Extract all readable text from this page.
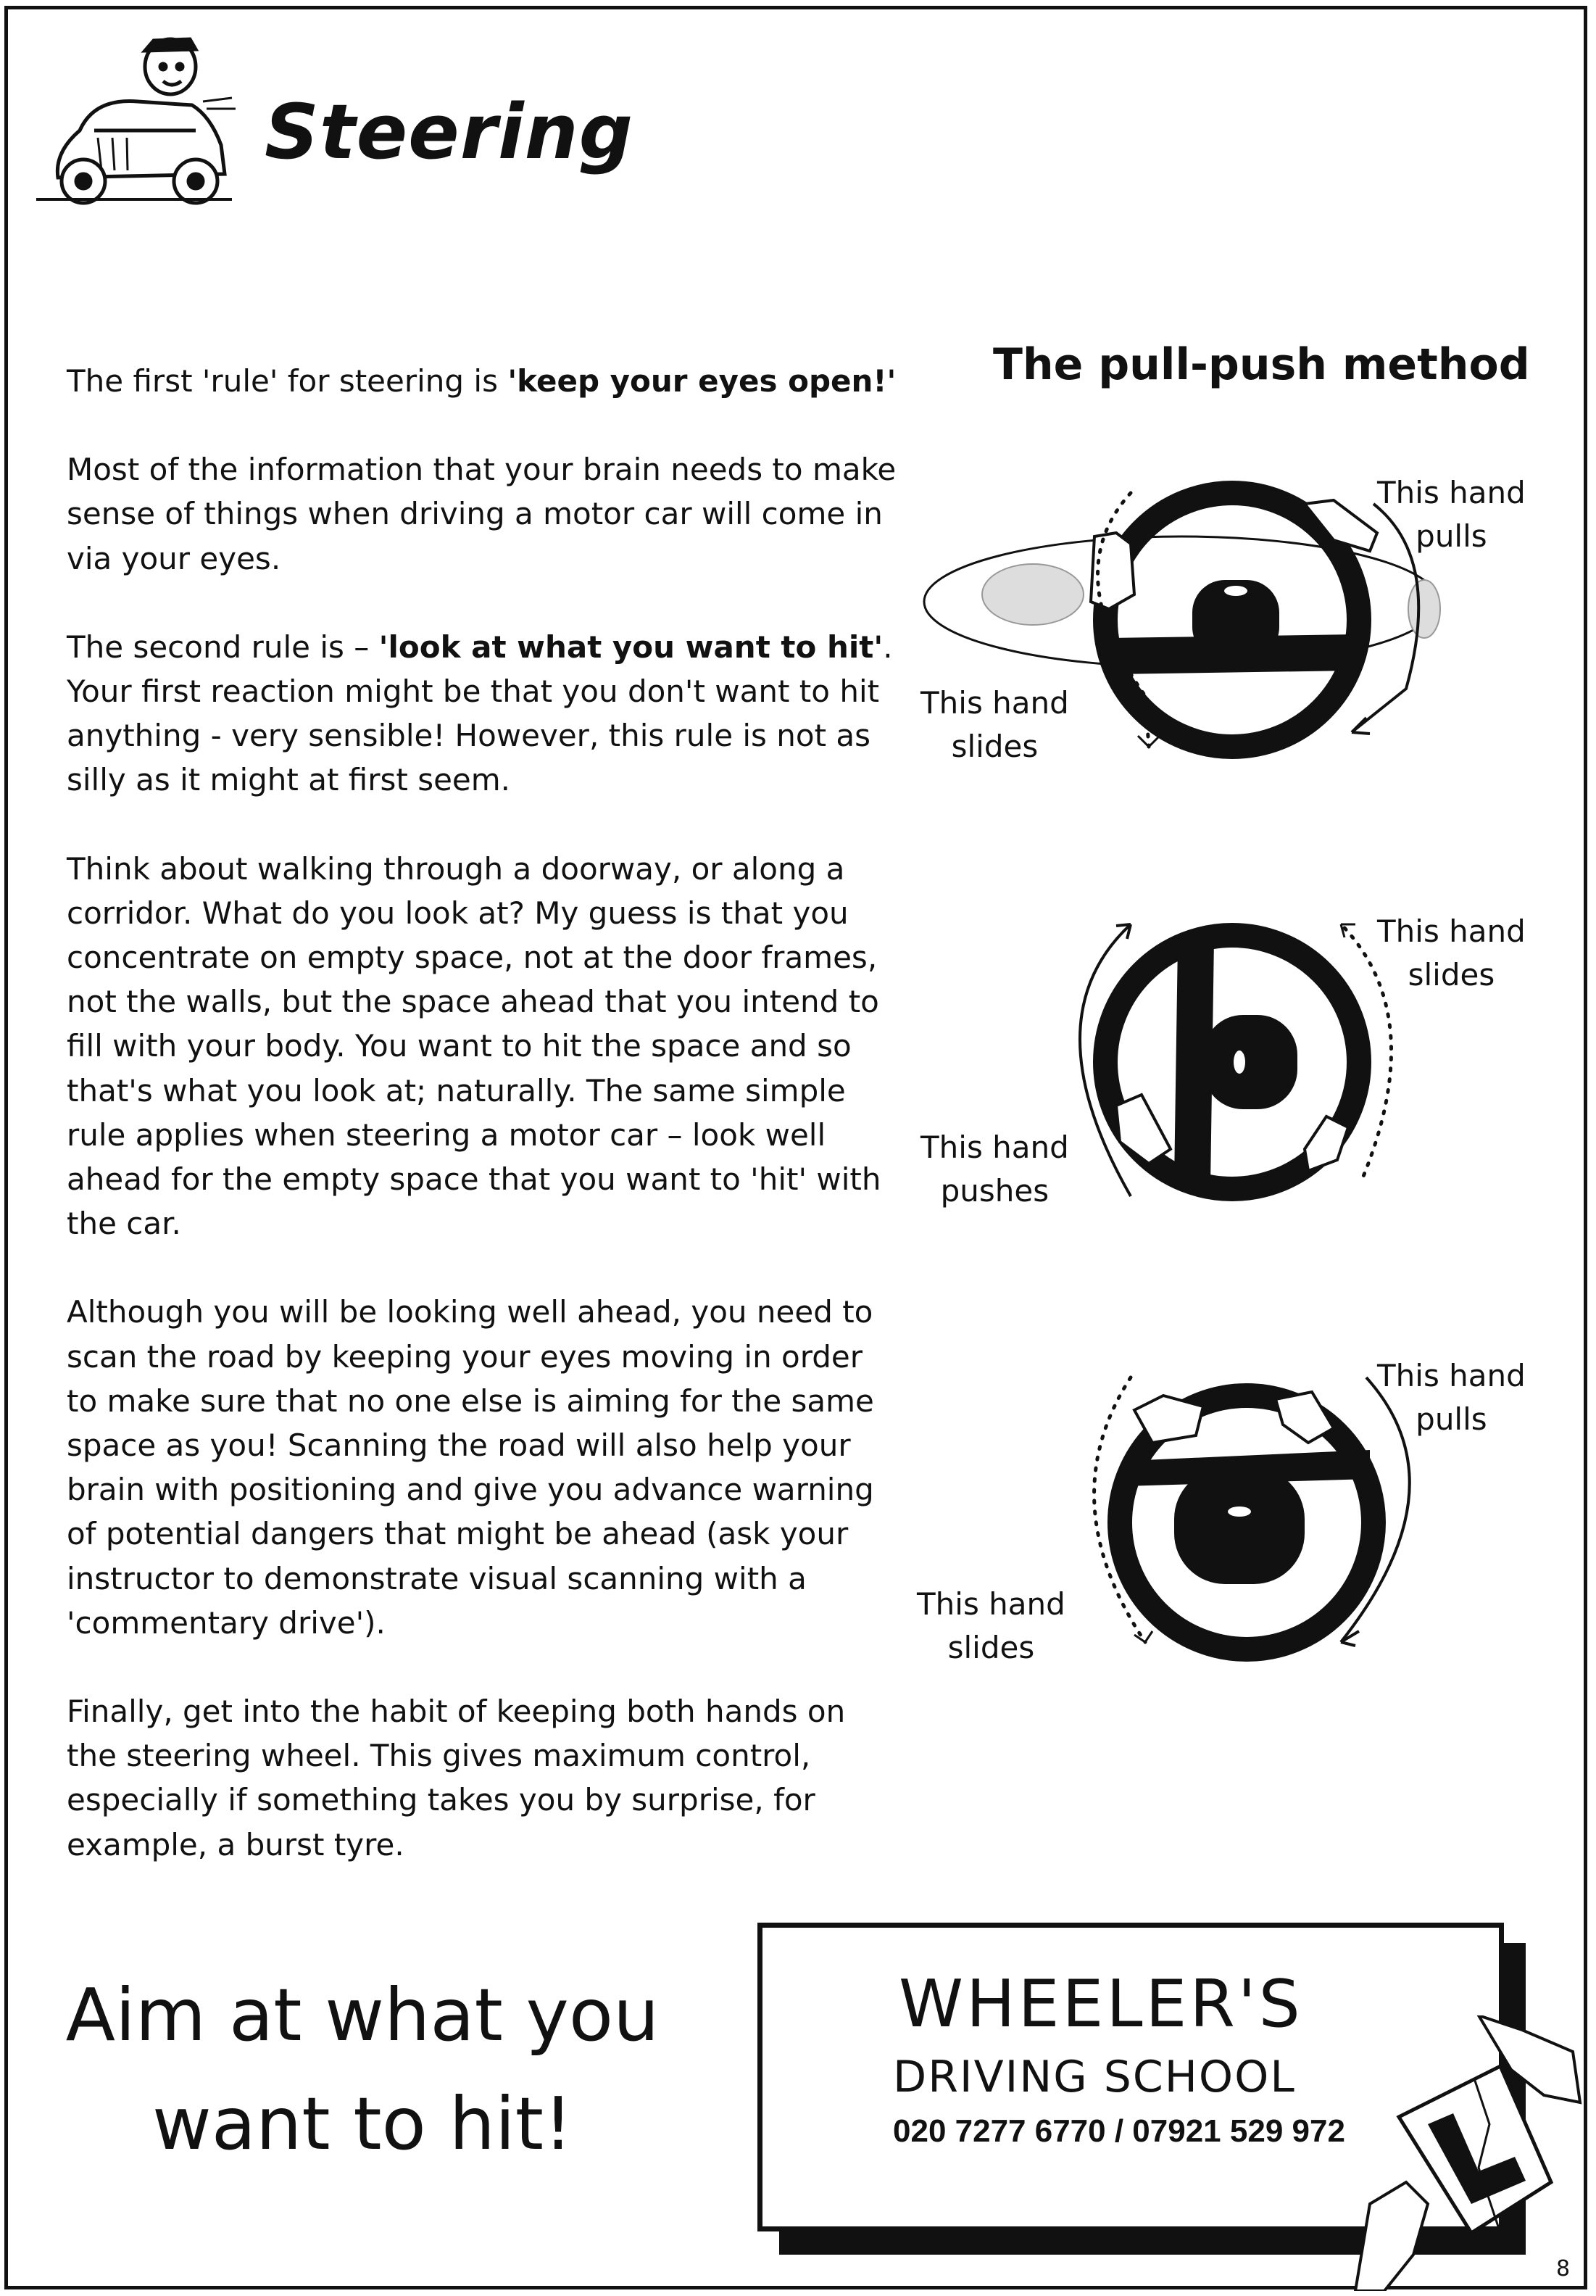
Steering

The first 'rule' for steering is 'keep your eyes open!'

Most of the information that your brain needs to make sense of things when driving a motor car will come in via your eyes.

The second rule is – 'look at what you want to hit'. Your first reaction might be that you don't want to hit anything - very sensible! However, this rule is not as silly as it might at first seem.

Think about walking through a doorway, or along a corridor. What do you look at? My guess is that you concentrate on empty space, not at the door frames, not the walls, but the space ahead that you intend to fill with your body. You want to hit the space and so that's what you look at; naturally. The same simple rule applies when steering a motor car – look well ahead for the empty space that you want to 'hit' with the car.

Although you will be looking well ahead, you need to scan the road by keeping your eyes moving in order to make sure that no one else is aiming for the same space as you! Scanning the road will also help your brain with positioning and give you advance warning of potential dangers that might be ahead (ask your instructor to demonstrate visual scanning with a 'commentary drive').

Finally, get into the habit of keeping both hands on the steering wheel. This gives maximum control, especially if something takes you by surprise, for example, a burst tyre.

The pull-push method
SRS
This hand
pulls
This hand
slides
This hand
slides
This hand
pushes
This hand
pulls
This hand
slides
Aim at what you want to hit!
WHEELER'S
DRIVING SCHOOL
020 7277 6770 / 07921 529 972
8
